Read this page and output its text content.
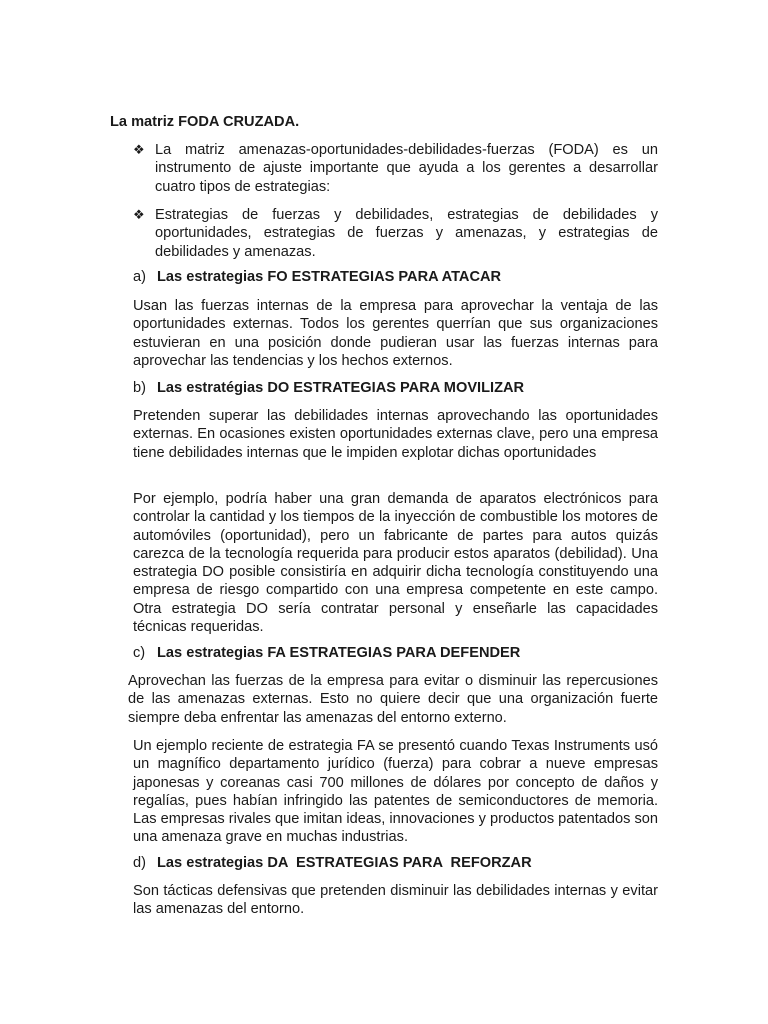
La matriz FODA CRUZADA.

❖ La matriz amenazas-oportunidades-debilidades-fuerzas (FODA) es un instrumento de ajuste importante que ayuda a los gerentes a desarrollar cuatro tipos de estrategias:
❖ Estrategias de fuerzas y debilidades, estrategias de debilidades y oportunidades, estrategias de fuerzas y amenazas, y estrategias de debilidades y amenazas.

a) Las estrategias FO ESTRATEGIAS PARA ATACAR

Usan las fuerzas internas de la empresa para aprovechar la ventaja de las oportunidades externas. Todos los gerentes querrían que sus organizaciones estuvieran en una posición donde pudieran usar las fuerzas internas para aprovechar las tendencias y los hechos externos.

b) Las estratégias DO ESTRATEGIAS PARA MOVILIZAR

Pretenden superar las debilidades internas aprovechando las oportunidades externas. En ocasiones existen oportunidades externas clave, pero una empresa tiene debilidades internas que le impiden explotar dichas oportunidades

Por ejemplo, podría haber una gran demanda de aparatos electrónicos para controlar la cantidad y los tiempos de la inyección de combustible los motores de automóviles (oportunidad), pero un fabricante de partes para autos quizás carezca de la tecnología requerida para producir estos aparatos (debilidad). Una estrategia DO posible consistiría en adquirir dicha tecnología constituyendo una empresa de riesgo compartido con una empresa competente en este campo. Otra estrategia DO sería contratar personal y enseñarle las capacidades técnicas requeridas.

c) Las estrategias FA ESTRATEGIAS PARA DEFENDER

Aprovechan las fuerzas de la empresa para evitar o disminuir las repercusiones de las amenazas externas. Esto no quiere decir que una organización fuerte siempre deba enfrentar las amenazas del entorno externo.

Un ejemplo reciente de estrategia FA se presentó cuando Texas Instruments usó un magnífico departamento jurídico (fuerza) para cobrar a nueve empresas japonesas y coreanas casi 700 millones de dólares por concepto de daños y regalías, pues habían infringido las patentes de semiconductores de memoria. Las empresas rivales que imitan ideas, innovaciones y productos patentados son una amenaza grave en muchas industrias.

d) Las estrategias DA  ESTRATEGIAS PARA  REFORZAR

Son tácticas defensivas que pretenden disminuir las debilidades internas y evitar las amenazas del entorno.
